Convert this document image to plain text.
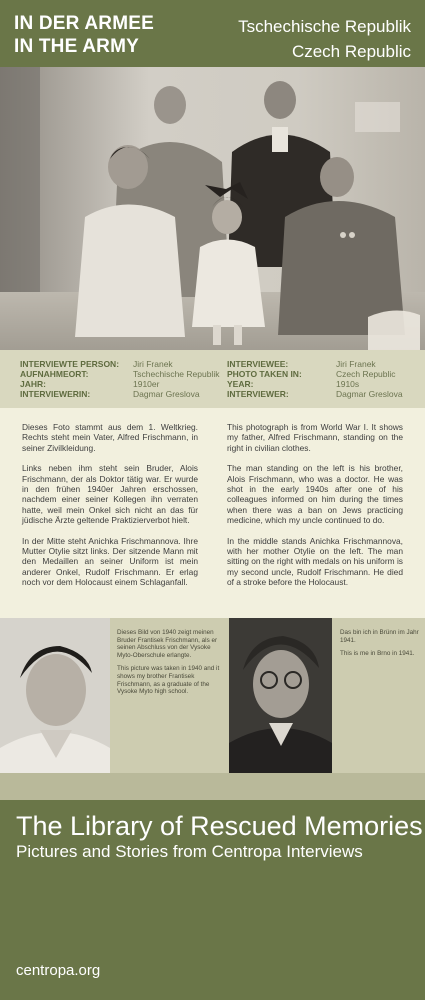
IN DER ARMEE
IN THE ARMY
Tschechische Republik
Czech Republic
INTERVIEWTE PERSON:
AUFNAHMEORT:
JAHR:
INTERVIEWERIN:
Jiri Franek
Tschechische Republik
1910er
Dagmar Greslova
INTERVIEWEE:
PHOTO TAKEN IN:
YEAR:
INTERVIEWER:
Jiri Franek
Czech Republic
1910s
Dagmar Greslova

Dieses Foto stammt aus dem 1. Weltkrieg. Rechts steht mein Vater, Alfred Frischmann, in seiner Zivilkleidung.

Links neben ihm steht sein Bruder, Alois Frischmann, der als Doktor tätig war. Er wurde in den frühen 1940er Jahren erschossen, nachdem einer seiner Kollegen ihn verraten hatte, weil mein Onkel sich nicht an das für jüdische Ärzte geltende Praktizierverbot hielt.

In der Mitte steht Anichka Frischmannova. Ihre Mutter Otylie sitzt links. Der sitzende Mann mit den Medaillen an seiner Uniform ist mein anderer Onkel, Rudolf Frischmann. Er erlag noch vor dem Holocaust einem Schlaganfall.

This photograph is from World War I. It shows my father, Alfred Frischmann, standing on the right in civilian clothes.

The man standing on the left is his brother, Alois Frischmann, who was a doctor. He was shot in the early 1940s after one of his colleagues informed on him during the times when there was a ban on Jews practicing medicine, which my uncle continued to do.

In the middle stands Anichka Frischmannova, with her mother Otylie on the left. The man sitting on the right with medals on his uniform is my second uncle, Rudolf Frischmann. He died of a stroke before the Holocaust.

Dieses Bild von 1940 zeigt meinen Bruder Frantisek Frischmann, als er seinen Abschluss von der Vysoke Myto-Oberschule erlangte.

This picture was taken in 1940 and it shows my brother Frantisek Frischmann, as a graduate of the Vysoke Myto high school.

Das bin ich in Brünn im Jahr 1941.

This is me in Brno in 1941.

The Library of Rescued Memories
Pictures and Stories from Centropa Interviews
centropa.org
